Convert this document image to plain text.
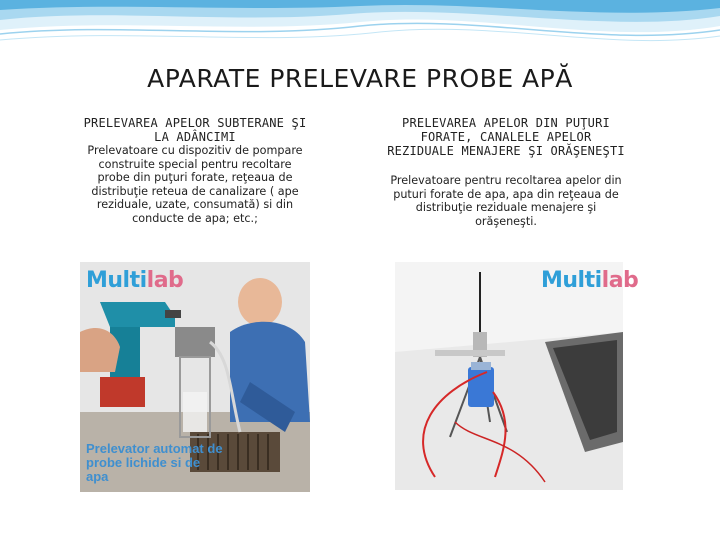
APARATE PRELEVARE PROBE APĂ
PRELEVAREA APELOR SUBTERANE ŞI LA ADÂNCIMI
Prelevatoare cu dispozitiv de pompare construite special pentru recoltare probe din puţuri forate, reţeaua de distribuţie reteua de canalizare ( ape reziduale, uzate, consumată) si din conducte de apa; etc.;
PRELEVAREA APELOR DIN PUŢURI FORATE, CANALELE APELOR REZIDUALE MENAJERE ŞI ORĂŞENEŞTI
Prelevatoare pentru recoltarea apelor din puturi forate de apa, apa din reţeaua de distribuţie reziduale menajere şi orăşeneşti.
Multilab
Prelevator automat de probe lichide si de apa
Multilab
